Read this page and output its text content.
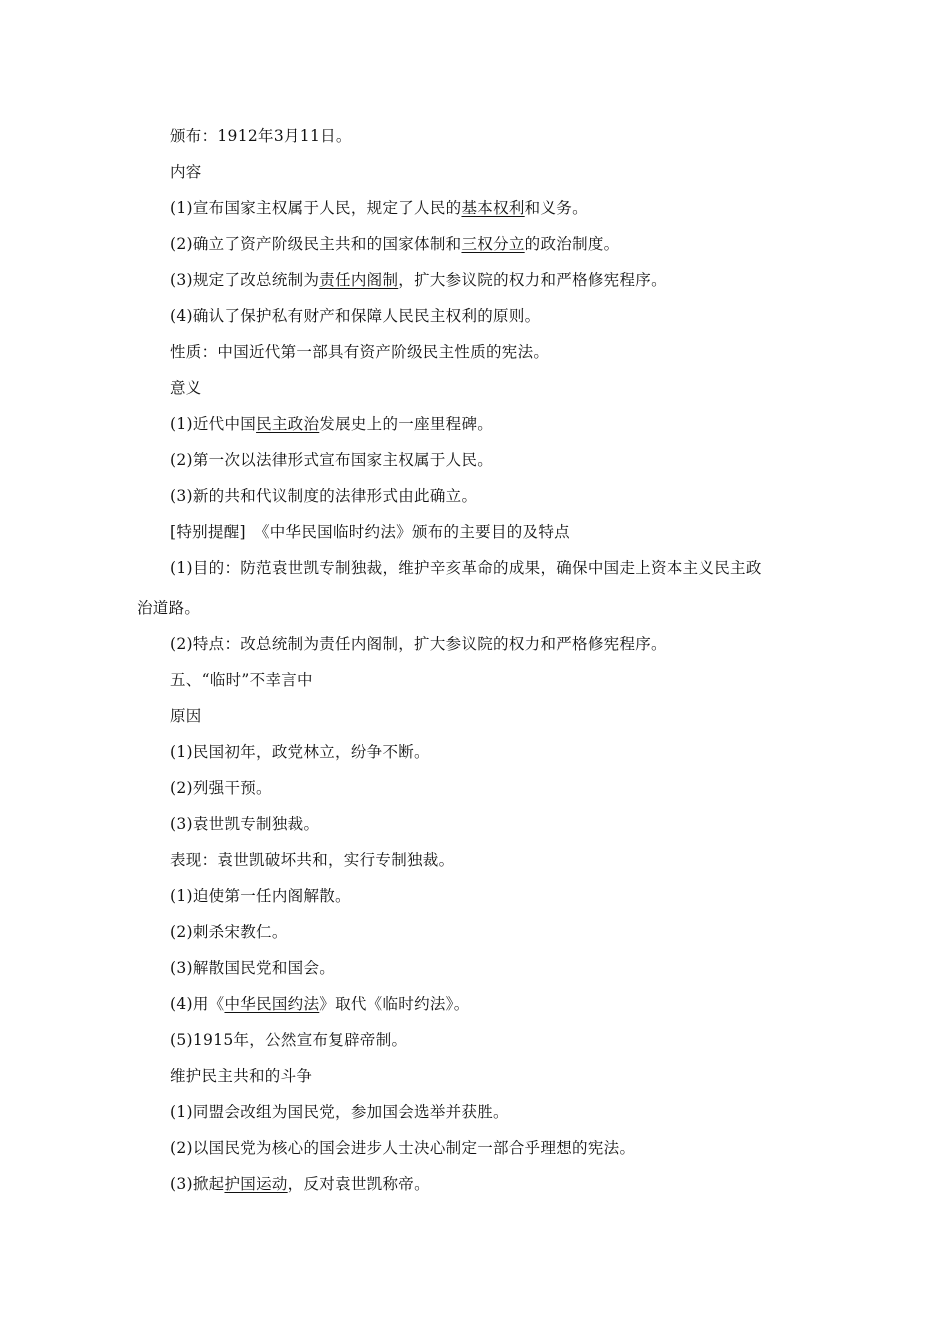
颁布：1912年3月11日。
内容
(1)宣布国家主权属于人民，规定了人民的基本权利和义务。
(2)确立了资产阶级民主共和的国家体制和三权分立的政治制度。
(3)规定了改总统制为责任内阁制，扩大参议院的权力和严格修宪程序。
(4)确认了保护私有财产和保障人民民主权利的原则。
性质：中国近代第一部具有资产阶级民主性质的宪法。
意义
(1)近代中国民主政治发展史上的一座里程碑。
(2)第一次以法律形式宣布国家主权属于人民。
(3)新的共和代议制度的法律形式由此确立。
[特别提醒]　《中华民国临时约法》颁布的主要目的及特点
(1)目的：防范袁世凯专制独裁，维护辛亥革命的成果，确保中国走上资本主义民主政
治道路。
(2)特点：改总统制为责任内阁制，扩大参议院的权力和严格修宪程序。
五、“临时”不幸言中
原因
(1)民国初年，政党林立，纷争不断。
(2)列强干预。
(3)袁世凯专制独裁。
表现：袁世凯破坏共和，实行专制独裁。
(1)迫使第一任内阁解散。
(2)刺杀宋教仁。
(3)解散国民党和国会。
(4)用《中华民国约法》取代《临时约法》。
(5)1915年，公然宣布复辟帝制。
维护民主共和的斗争
(1)同盟会改组为国民党，参加国会选举并获胜。
(2)以国民党为核心的国会进步人士决心制定一部合乎理想的宪法。
(3)掀起护国运动，反对袁世凯称帝。
